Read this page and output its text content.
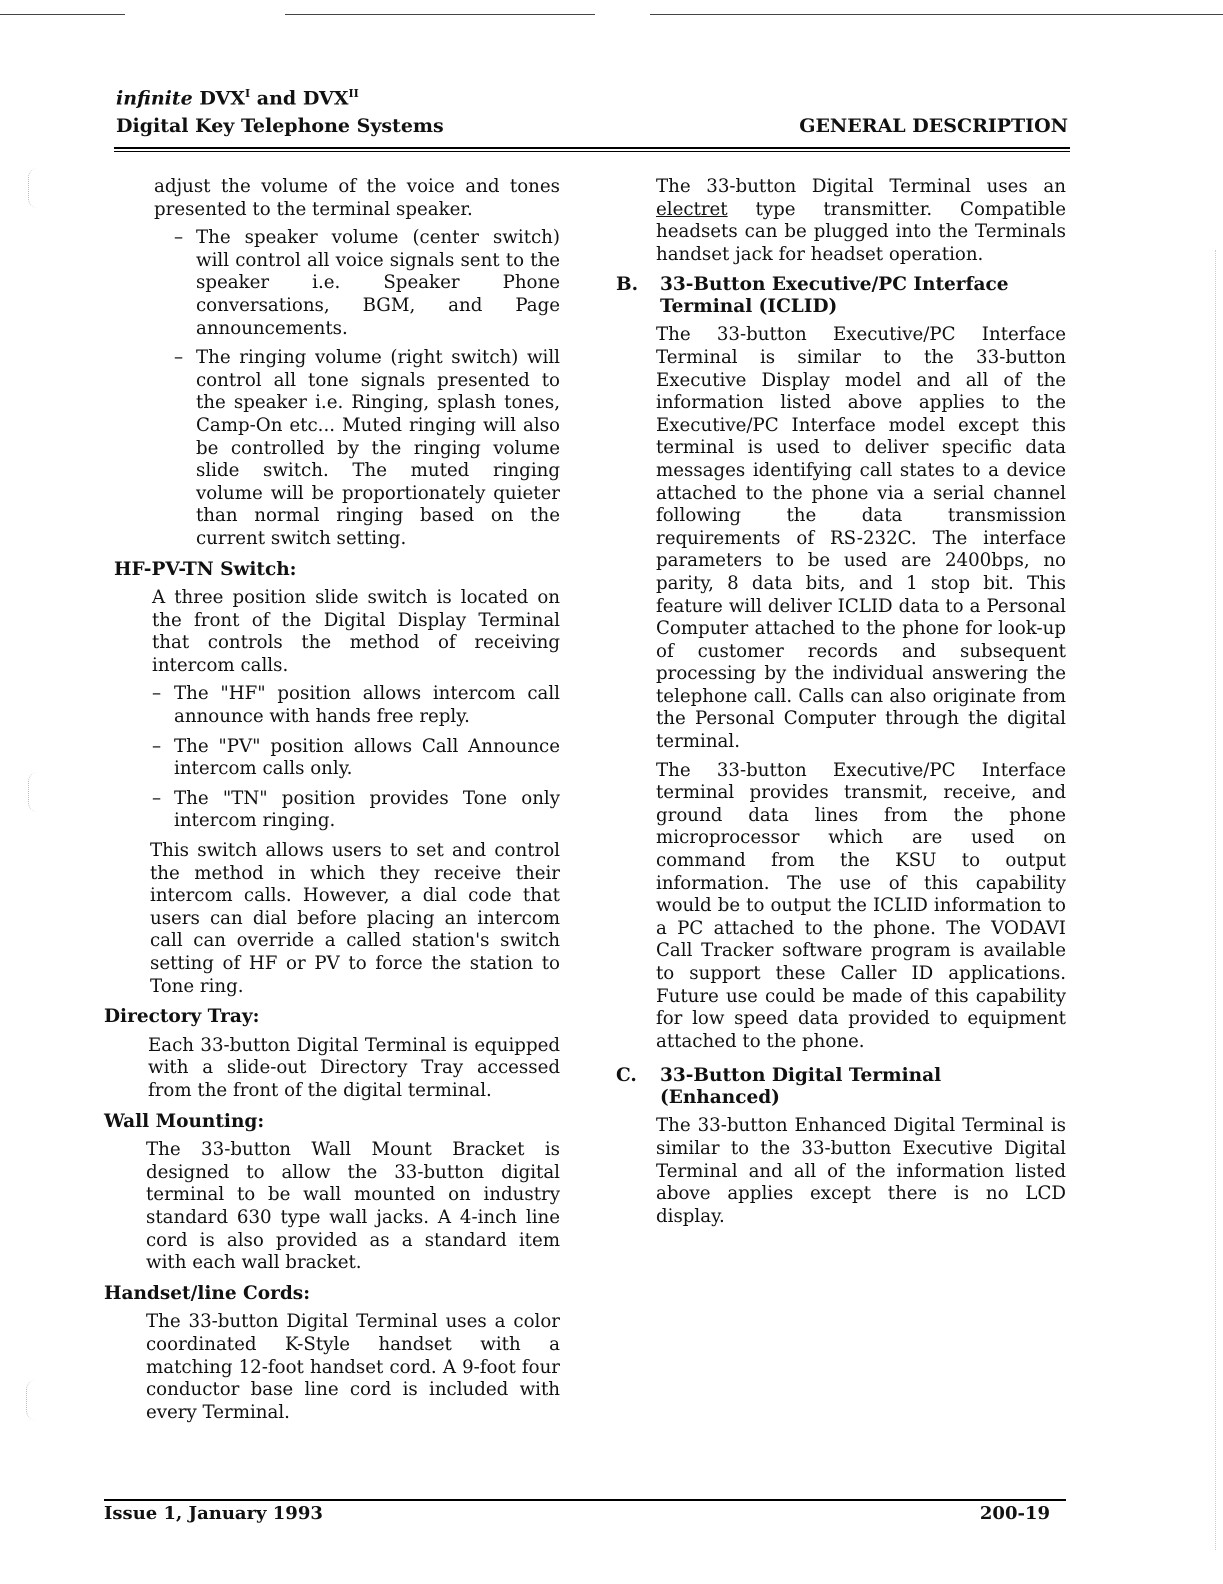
infinite $DVX^I$ and $DVX^{II}$
Digital Key Telephone Systems	GENERAL DESCRIPTION

adjust the volume of the voice and tones presented to the terminal speaker.

– The speaker volume (center switch) will control all voice signals sent to the speaker i.e. Speaker Phone conversations, BGM, and Page announcements.
– The ringing volume (right switch) will control all tone signals presented to the speaker i.e. Ringing, splash tones, Camp-On etc... Muted ringing will also be controlled by the ringing volume slide switch. The muted ringing volume will be proportionately quieter than normal ringing based on the current switch setting.
HF-PV-TN Switch:

A three position slide switch is located on the front of the Digital Display Terminal that controls the method of receiving intercom calls.

– The "HF" position allows intercom call announce with hands free reply.
– The "PV" position allows Call Announce intercom calls only.
– The "TN" position provides Tone only intercom ringing.

This switch allows users to set and control the method in which they receive their intercom calls. However, a dial code that users can dial before placing an intercom call can override a called station's switch setting of HF or PV to force the station to Tone ring.

Directory Tray:

Each 33-button Digital Terminal is equipped with a slide-out Directory Tray accessed from the front of the digital terminal.

Wall Mounting:

The 33-button Wall Mount Bracket is designed to allow the 33-button digital terminal to be wall mounted on industry standard 630 type wall jacks. A 4-inch line cord is also provided as a standard item with each wall bracket.

Handset/line Cords:

The 33-button Digital Terminal uses a color coordinated K-Style handset with a matching 12-foot handset cord. A 9-foot four conductor base line cord is included with every Terminal.

The 33-button Digital Terminal uses an electret type transmitter. Compatible headsets can be plugged into the Terminals handset jack for headset operation.

B.	33-Button Executive/PC Interface Terminal (ICLID)

The 33-button Executive/PC Interface Terminal is similar to the 33-button Executive Display model and all of the information listed above applies to the Executive/PC Interface model except this terminal is used to deliver specific data messages identifying call states to a device attached to the phone via a serial channel following the data transmission requirements of RS-232C. The interface parameters to be used are 2400bps, no parity, 8 data bits, and 1 stop bit. This feature will deliver ICLID data to a Personal Computer attached to the phone for look-up of customer records and subsequent processing by the individual answering the telephone call. Calls can also originate from the Personal Computer through the digital terminal.

The 33-button Executive/PC Interface terminal provides transmit, receive, and ground data lines from the phone microprocessor which are used on command from the KSU to output information. The use of this capability would be to output the ICLID information to a PC attached to the phone. The VODAVI Call Tracker software program is available to support these Caller ID applications. Future use could be made of this capability for low speed data provided to equipment attached to the phone.

C.	33-Button Digital Terminal (Enhanced)

The 33-button Enhanced Digital Terminal is similar to the 33-button Executive Digital Terminal and all of the information listed above applies except there is no LCD display.

Issue 1, January 1993	200-19
